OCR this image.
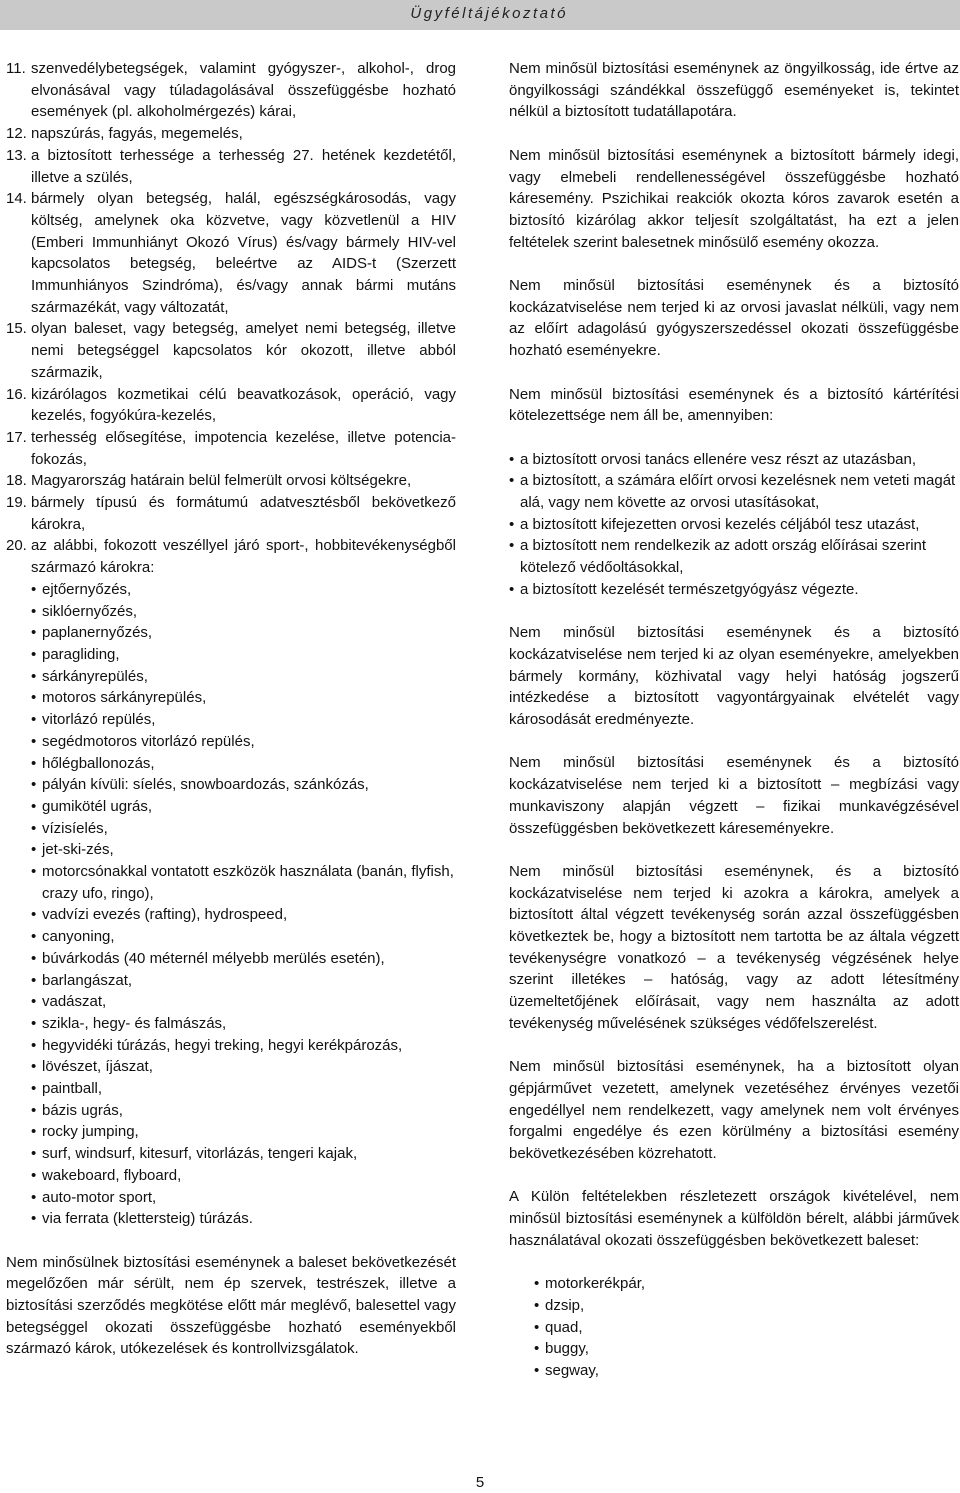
Ügyféltájékoztató
11. szenvedélybetegségek, valamint gyógyszer-, alkohol-, drog elvonásával vagy túladagolásával összefüggésbe hozható események (pl. alkoholmérgezés) kárai,
12. napszúrás, fagyás, megemelés,
13. a biztosított terhessége a terhesség 27. hetének kezdetétől, illetve a szülés,
14. bármely olyan betegség, halál, egészségkárosodás, vagy költség, amelynek oka közvetve, vagy közvetlenül a HIV (Emberi Immunhiányt Okozó Vírus) és/vagy bármely HIV-vel kapcsolatos betegség, beleértve az AIDS-t (Szerzett Immunhiányos Szindróma), és/vagy annak bármi mutáns származékát, vagy változatát,
15. olyan baleset, vagy betegség, amelyet nemi betegség, illetve nemi betegséggel kapcsolatos kór okozott, illetve abból származik,
16. kizárólagos kozmetikai célú beavatkozások, operáció, vagy kezelés, fogyókúra-kezelés,
17. terhesség elősegítése, impotencia kezelése, illetve potencia-fokozás,
18. Magyarország határain belül felmerült orvosi költségekre,
19. bármely típusú és formátumú adatvesztésből bekövetkező károkra,
20. az alábbi, fokozott veszéllyel járó sport-, hobbitevékenységből származó károkra:
• ejtőernyőzés,
• siklóernyőzés,
• paplanernyőzés,
• paragliding,
• sárkányrepülés,
• motoros sárkányrepülés,
• vitorlázó repülés,
• segédmotoros vitorlázó repülés,
• hőlégballonozás,
• pályán kívüli: síelés, snowboardozás, szánkózás,
• gumikötél ugrás,
• vízisíelés,
• jet-ski-zés,
• motorcsónakkal vontatott eszközök használata (banán, flyfish, crazy ufo, ringo),
• vadvízi evezés (rafting), hydrospeed,
• canyoning,
• búvárkodás (40 méternél mélyebb merülés esetén),
• barlangászat,
• vadászat,
• szikla-, hegy- és falmászás,
• hegyvidéki túrázás, hegyi treking, hegyi kerékpározás,
• lövészet, íjászat,
• paintball,
• bázis ugrás,
• rocky jumping,
• surf, windsurf, kitesurf, vitorlázás, tengeri kajak,
• wakeboard, flyboard,
• auto-motor sport,
• via ferrata (klettersteig) túrázás.

Nem minősülnek biztosítási eseménynek a baleset bekövetkezését megelőzően már sérült, nem ép szervek, testrészek, illetve a biztosítási szerződés megkötése előtt már meglévő, balesettel vagy betegséggel okozati összefüggésbe hozható eseményekből származó károk, utókezelések és kontrollvizsgálatok.

Nem minősül biztosítási eseménynek az öngyilkosság, ide értve az öngyilkossági szándékkal összefüggő eseményeket is, tekintet nélkül a biztosított tudatállapotára.

Nem minősül biztosítási eseménynek a biztosított bármely idegi, vagy elmebeli rendellenességével összefüggésbe hozható káresemény. Pszichikai reakciók okozta kóros zavarok esetén a biztosító kizárólag akkor teljesít szolgáltatást, ha ezt a jelen feltételek szerint balesetnek minősülő esemény okozza.

Nem minősül biztosítási eseménynek és a biztosító kockázatviselése nem terjed ki az orvosi javaslat nélküli, vagy nem az előírt adagolású gyógyszerszedéssel okozati összefüggésbe hozható eseményekre.

Nem minősül biztosítási eseménynek és a biztosító kártérítési kötelezettsége nem áll be, amennyiben:

• a biztosított orvosi tanács ellenére vesz részt az utazásban,
• a biztosított, a számára előírt orvosi kezelésnek nem veteti magát alá, vagy nem követte az orvosi utasításokat,
• a biztosított kifejezetten orvosi kezelés céljából tesz utazást,
• a biztosított nem rendelkezik az adott ország előírásai szerint kötelező védőoltásokkal,
• a biztosított kezelését természetgyógyász végezte.

Nem minősül biztosítási eseménynek és a biztosító kockázatviselése nem terjed ki az olyan eseményekre, amelyekben bármely kormány, közhivatal vagy helyi hatóság jogszerű intézkedése a biztosított vagyontárgyainak elvételét vagy károsodását eredményezte.

Nem minősül biztosítási eseménynek és a biztosító kockázatviselése nem terjed ki a biztosított – megbízási vagy munkaviszony alapján végzett – fizikai munkavégzésével összefüggésben bekövetkezett káreseményekre.

Nem minősül biztosítási eseménynek, és a biztosító kockázatviselése nem terjed ki azokra a károkra, amelyek a biztosított által végzett tevékenység során azzal összefüggésben következtek be, hogy a biztosított nem tartotta be az általa végzett tevékenységre vonatkozó – a tevékenység végzésének helye szerint illetékes – hatóság, vagy az adott létesítmény üzemeltetőjének előírásait, vagy nem használta az adott tevékenység művelésének szükséges védőfelszerelést.

Nem minősül biztosítási eseménynek, ha a biztosított olyan gépjárművet vezetett, amelynek vezetéséhez érvényes vezetői engedéllyel nem rendelkezett, vagy amelynek nem volt érvényes forgalmi engedélye és ezen körülmény a biztosítási esemény bekövetkezésében közrehatott.

A Külön feltételekben részletezett országok kivételével, nem minősül biztosítási eseménynek a külföldön bérelt, alábbi járművek használatával okozati összefüggésben bekövetkezett baleset:

• motorkerékpár,
• dzsip,
• quad,
• buggy,
• segway,
5
